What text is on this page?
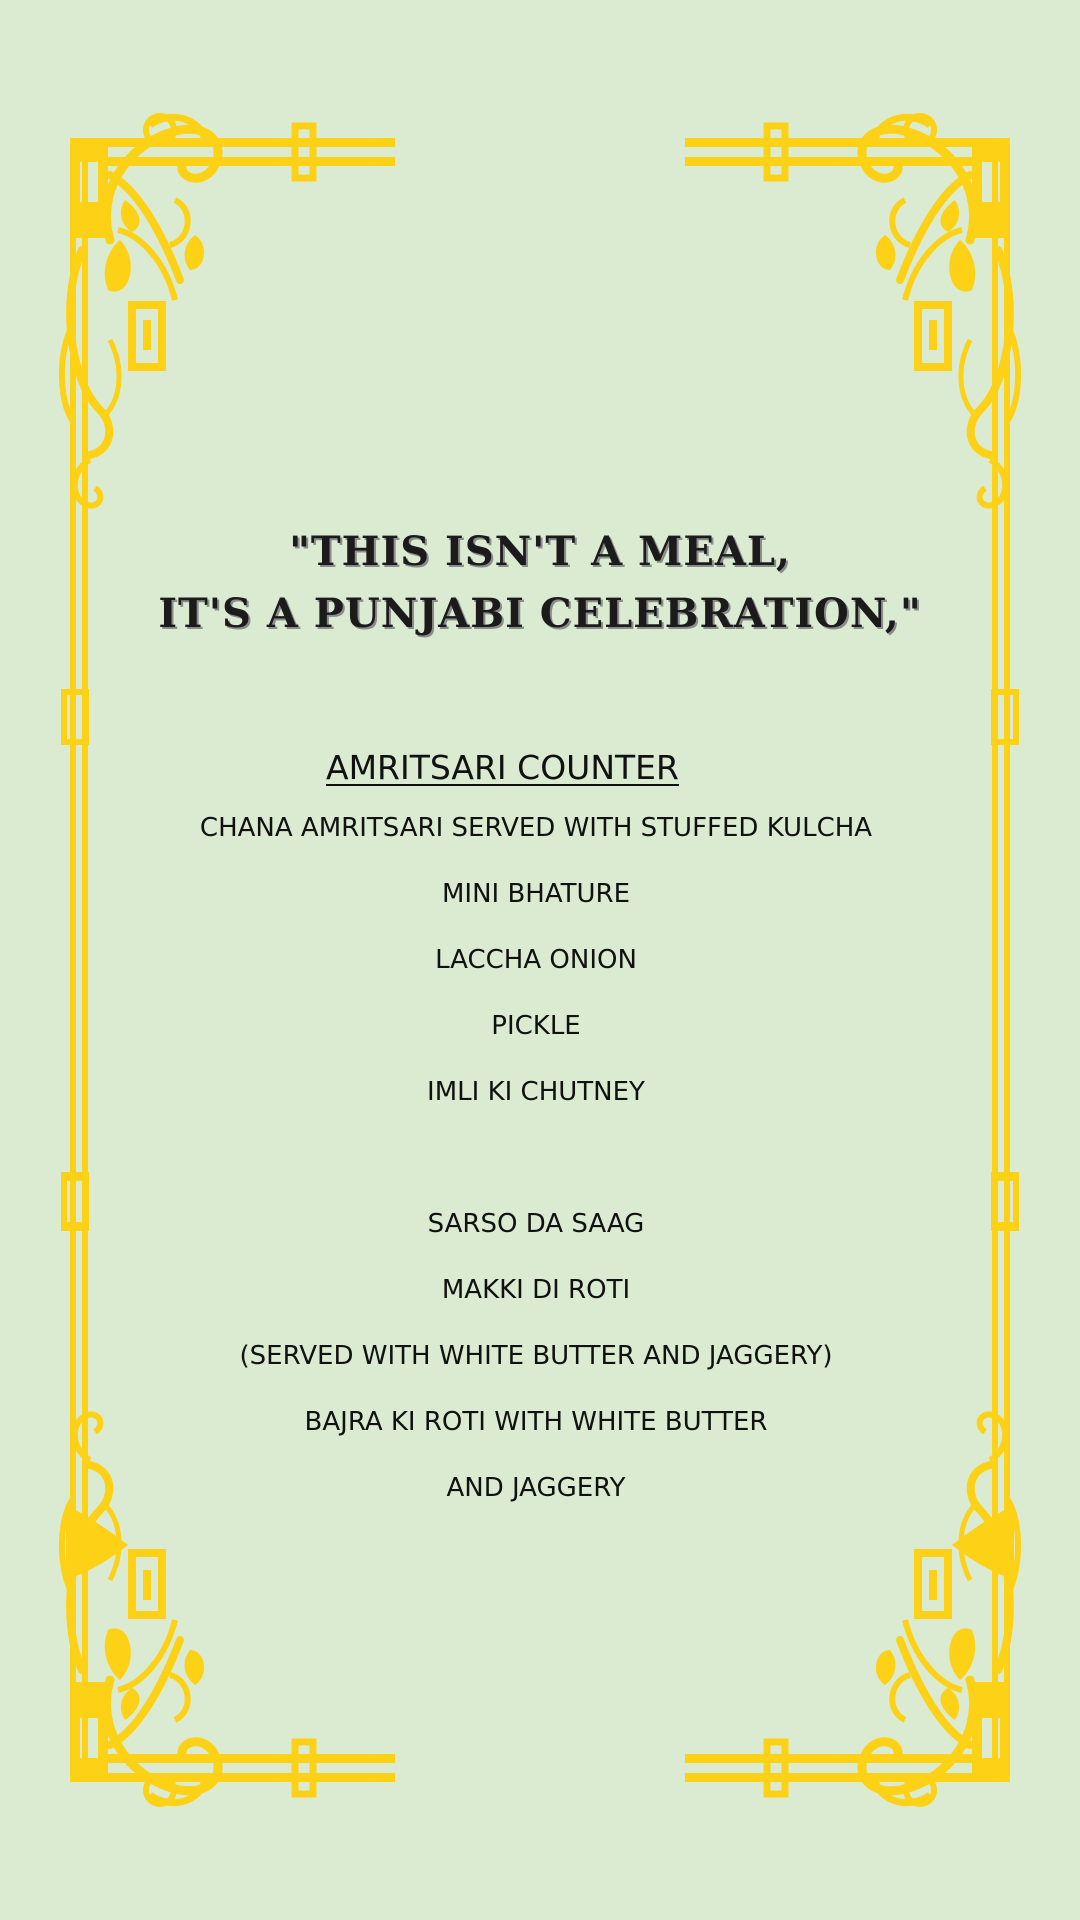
"THIS ISN'T A MEAL,
IT'S A PUNJABI CELEBRATION,"
AMRITSARI COUNTER
CHANA AMRITSARI SERVED WITH STUFFED KULCHA
MINI BHATURE
LACCHA ONION
PICKLE
IMLI KI CHUTNEY
SARSO DA SAAG
MAKKI DI ROTI
(SERVED WITH WHITE BUTTER AND JAGGERY)
BAJRA KI ROTI WITH WHITE BUTTER
AND JAGGERY
